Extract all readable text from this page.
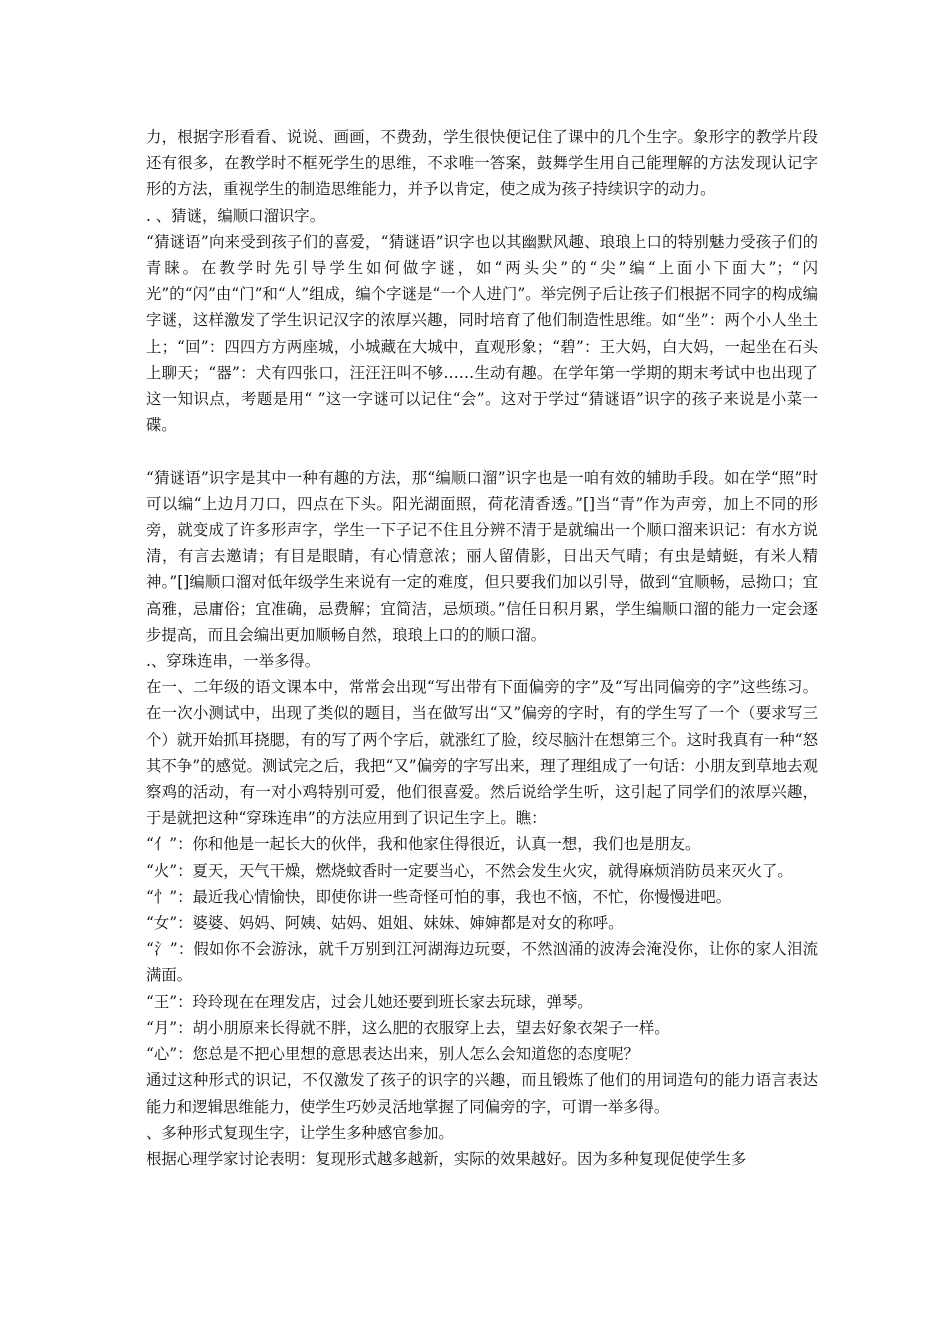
力，根据字形看看、说说、画画，不费劲，学生很快便记住了课中的几个生字。象形字的教学片段还有很多，在教学时不框死学生的思维，不求唯一答案，鼓舞学生用自己能理解的方法发现认记字形的方法，重视学生的制造思维能力，并予以肯定，使之成为孩子持续识字的动力。

. 、猜谜，编顺口溜识字。

“猜谜语”向来受到孩子们的喜爱，“猜谜语”识字也以其幽默风趣、琅琅上口的特别魅力受孩子们的青睐。在教学时先引导学生如何做字谜，如“两头尖”的“尖”编“上面小下面大”；“闪光”的“闪”由“门”和“人”组成，编个字谜是“一个人进门”。举完例子后让孩子们根据不同字的构成编字谜，这样激发了学生识记汉字的浓厚兴趣，同时培育了他们制造性思维。如“坐”：两个小人坐土上；“回”：四四方方两座城，小城藏在大城中，直观形象；“碧”：王大妈，白大妈，一起坐在石头上聊天；“器”：犬有四张口，汪汪汪叫不够……生动有趣。在学年第一学期的期末考试中也出现了这一知识点，考题是用“ ”这一字谜可以记住“会”。这对于学过“猜谜语”识字的孩子来说是小菜一碟。

“猜谜语”识字是其中一种有趣的方法，那“编顺口溜”识字也是一咱有效的辅助手段。如在学“照”时可以编“上边月刀口，四点在下头。阳光湖面照，荷花清香透。”[]当“青”作为声旁，加上不同的形旁，就变成了许多形声字，学生一下子记不住且分辨不清于是就编出一个顺口溜来识记：有水方说清，有言去邀请；有目是眼睛，有心情意浓；丽人留倩影，日出天气晴；有虫是蜻蜓，有米人精神。”[]编顺口溜对低年级学生来说有一定的难度，但只要我们加以引导，做到“宜顺畅，忌拗口；宜高雅，忌庸俗；宜准确，忌费解；宜简洁，忌烦琐。”信任日积月累，学生编顺口溜的能力一定会逐步提高，而且会编出更加顺畅自然，琅琅上口的的顺口溜。

.、穿珠连串，一举多得。

在一、二年级的语文课本中，常常会出现“写出带有下面偏旁的字”及“写出同偏旁的字”这些练习。在一次小测试中，出现了类似的题目，当在做写出“又”偏旁的字时，有的学生写了一个（要求写三个）就开始抓耳挠腮，有的写了两个字后，就涨红了脸，绞尽脑汁在想第三个。这时我真有一种“怒其不争”的感觉。测试完之后，我把“又”偏旁的字写出来，理了理组成了一句话：小朋友到草地去观察鸡的活动，有一对小鸡特别可爱，他们很喜爱。然后说给学生听，这引起了同学们的浓厚兴趣，于是就把这种“穿珠连串”的方法应用到了识记生字上。瞧：

“亻”：你和他是一起长大的伙伴，我和他家住得很近，认真一想，我们也是朋友。

“火”：夏天，天气干燥，燃烧蚊香时一定要当心，不然会发生火灾，就得麻烦消防员来灭火了。

“忄”：最近我心情愉快，即使你讲一些奇怪可怕的事，我也不恼，不忙，你慢慢进吧。

“女”：婆婆、妈妈、阿姨、姑妈、姐姐、妹妹、婶婶都是对女的称呼。

“氵”：假如你不会游泳，就千万别到江河湖海边玩耍，不然汹涌的波涛会淹没你，让你的家人泪流满面。

“王”：玲玲现在在理发店，过会儿她还要到班长家去玩球，弹琴。

“月”：胡小朋原来长得就不胖，这么肥的衣服穿上去，望去好象衣架子一样。

“心”：您总是不把心里想的意思表达出来，别人怎么会知道您的态度呢？

通过这种形式的识记，不仅激发了孩子的识字的兴趣，而且锻炼了他们的用词造句的能力语言表达能力和逻辑思维能力，使学生巧妙灵活地掌握了同偏旁的字，可谓一举多得。

、多种形式复现生字，让学生多种感官参加。

根据心理学家讨论表明：复现形式越多越新，实际的效果越好。因为多种复现促使学生多
